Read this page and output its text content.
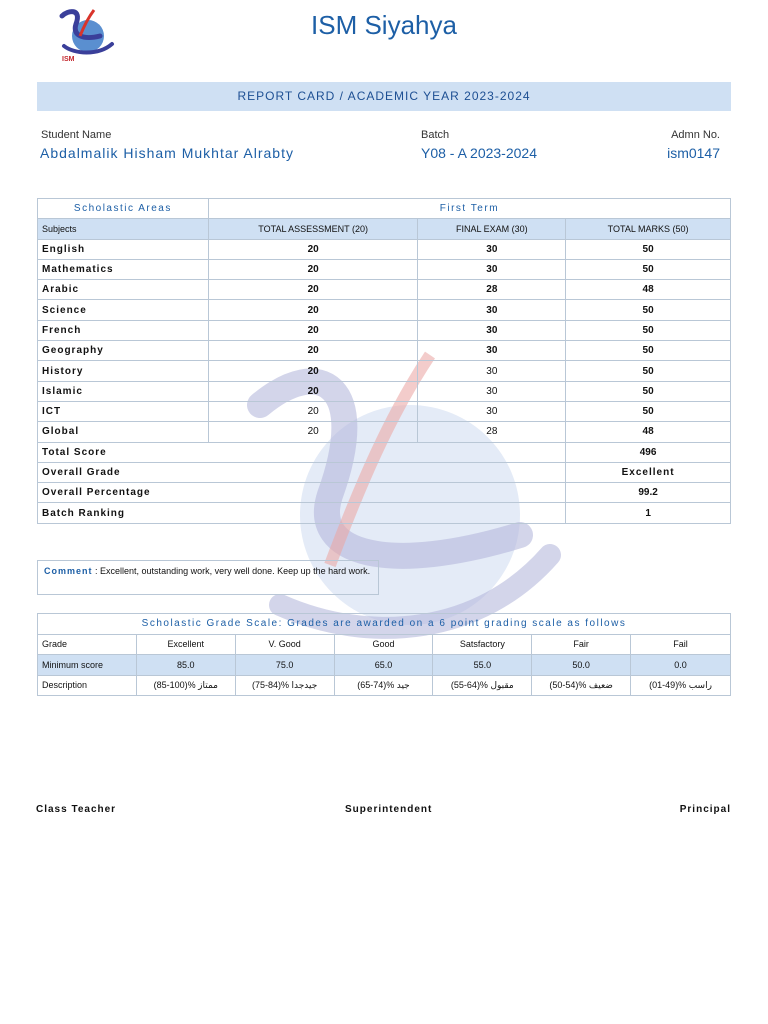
ISM
ISM Siyahya
REPORT CARD / ACADEMIC YEAR 2023-2024
Student Name
Abdalmalik Hisham Mukhtar Alrabty
Batch
Y08 - A 2023-2024
Admn No.
ism0147
Scholastic Areas	First Term		
Subjects	TOTAL ASSESSMENT (20)	FINAL EXAM (30)	TOTAL MARKS (50)
English	20	30	50
Mathematics	20	30	50
Arabic	20	28	48
Science	20	30	50
French	20	30	50
Geography	20	30	50
History	20	30	50
Islamic	20	30	50
ICT	20	30	50
Global	20	28	48
Total Score			496
Overall Grade			Excellent
Overall Percentage			99.2
Batch Ranking			1
Comment : Excellent, outstanding work, very well done. Keep up the hard work.
Scholastic Grade Scale: Grades are awarded on a 6 point grading scale as follows						
Grade	Excellent	V. Good	Good	Satsfactory	Fair	Fail
Minimum score	85.0	75.0	65.0	55.0	50.0	0.0
Description	(85-100)% ممتاز	(75-84)% جيدجدا	(65-74)% جيد	(55-64)% مقبول	(50-54)% ضعيف	(01-49)% راسب
Class Teacher	Superintendent	Principal
